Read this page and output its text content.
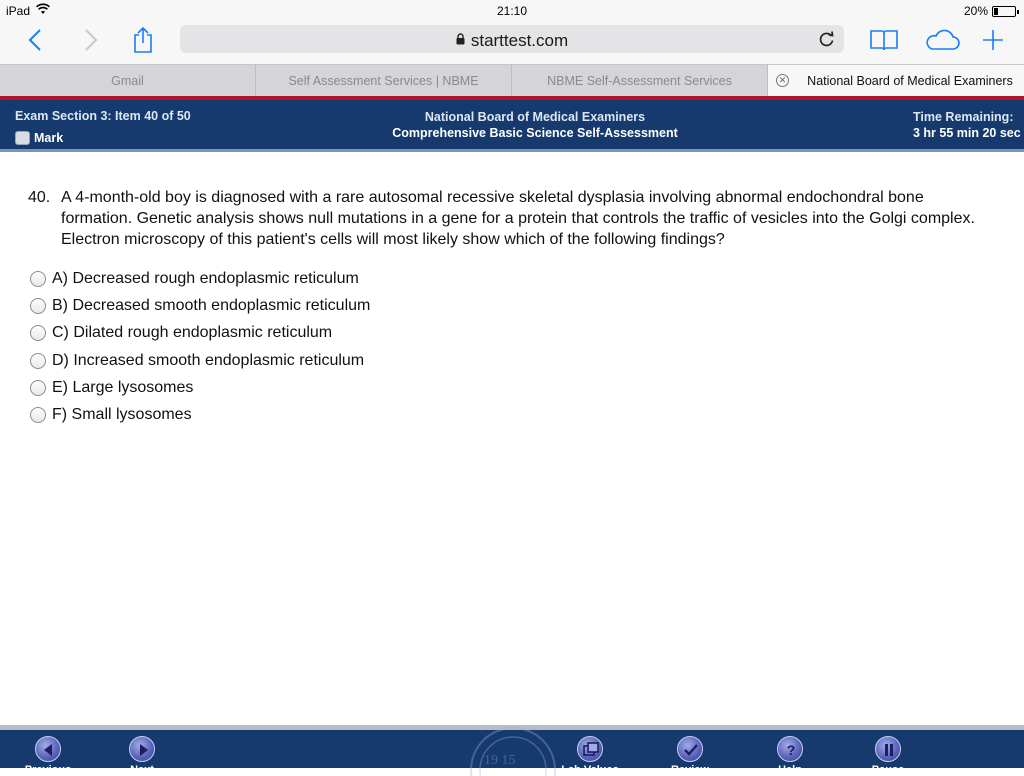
iPad	21:10	20%
starttest.com
Gmail	Self Assessment Services | NBME	NBME Self-Assessment Services	✕ National Board of Medical Examiners
Exam Section 3: Item 40 of 50
Mark
National Board of Medical Examiners
Comprehensive Basic Science Self-Assessment
Time Remaining:
3 hr 55 min 20 sec
40. A 4-month-old boy is diagnosed with a rare autosomal recessive skeletal dysplasia involving abnormal endochondral bone formation. Genetic analysis shows null mutations in a gene for a protein that controls the traffic of vesicles into the Golgi complex. Electron microscopy of this patient's cells will most likely show which of the following findings?
A) Decreased rough endoplasmic reticulum
B) Decreased smooth endoplasmic reticulum
C) Dilated rough endoplasmic reticulum
D) Increased smooth endoplasmic reticulum
E) Large lysosomes
F) Small lysosomes
19 15
Previous	Next	Lab Values	Review
?
Help	Pause
